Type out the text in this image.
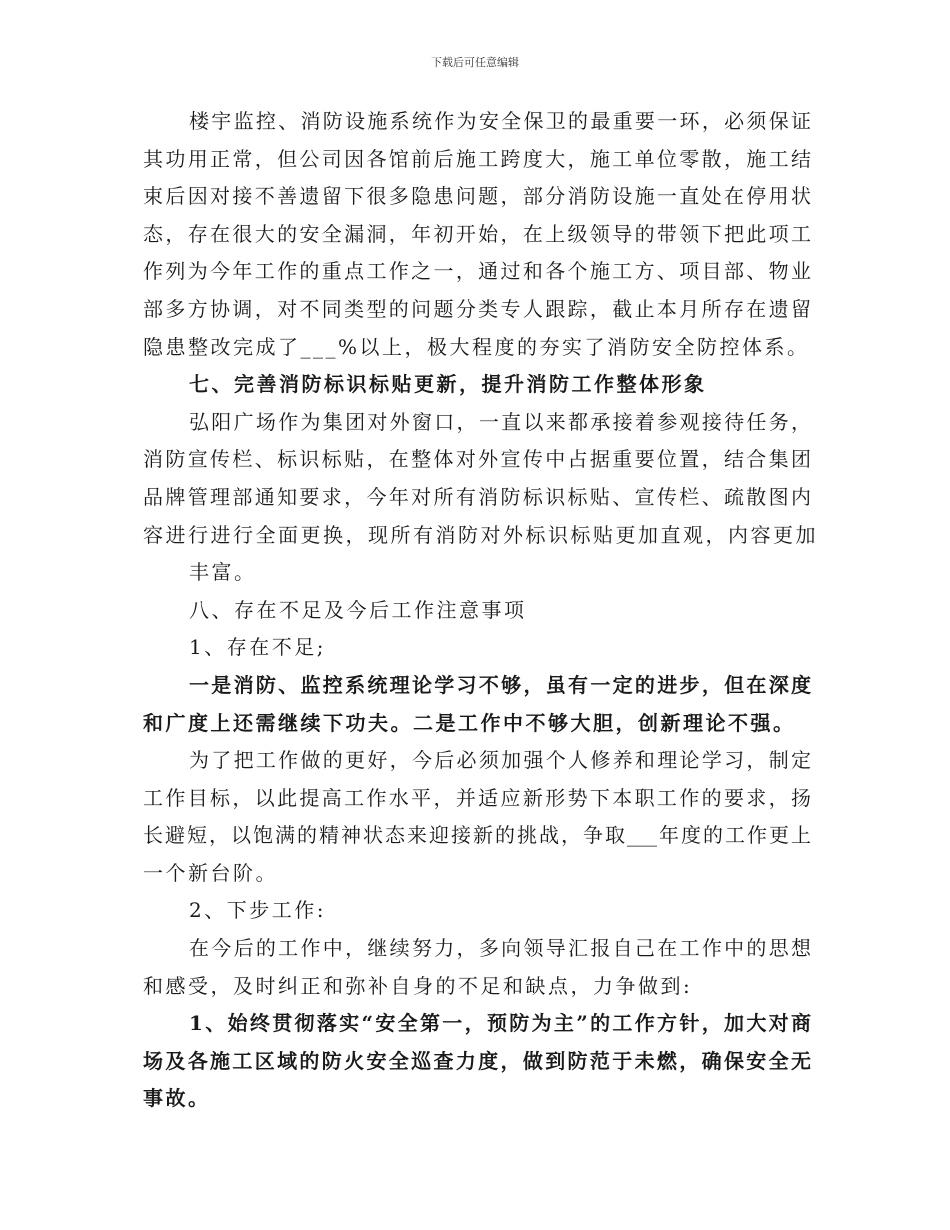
下载后可任意编辑
楼宇监控、消防设施系统作为安全保卫的最重要一环，必须保证
其功用正常，但公司因各馆前后施工跨度大，施工单位零散，施工结
束后因对接不善遗留下很多隐患问题，部分消防设施一直处在停用状
态，存在很大的安全漏洞，年初开始，在上级领导的带领下把此项工
作列为今年工作的重点工作之一，通过和各个施工方、项目部、物业
部多方协调，对不同类型的问题分类专人跟踪，截止本月所存在遗留
隐患整改完成了___%以上，极大程度的夯实了消防安全防控体系。
七、完善消防标识标贴更新，提升消防工作整体形象
弘阳广场作为集团对外窗口，一直以来都承接着参观接待任务，
消防宣传栏、标识标贴，在整体对外宣传中占据重要位置，结合集团
品牌管理部通知要求，今年对所有消防标识标贴、宣传栏、疏散图内
容进行进行全面更换，现所有消防对外标识标贴更加直观，内容更加
丰富。
八、存在不足及今后工作注意事项
1、存在不足;
一是消防、监控系统理论学习不够，虽有一定的进步，但在深度
和广度上还需继续下功夫。二是工作中不够大胆，创新理论不强。
为了把工作做的更好，今后必须加强个人修养和理论学习，制定
工作目标，以此提高工作水平，并适应新形势下本职工作的要求，扬
长避短，以饱满的精神状态来迎接新的挑战，争取___年度的工作更上
一个新台阶。
2、下步工作:
在今后的工作中，继续努力，多向领导汇报自己在工作中的思想
和感受，及时纠正和弥补自身的不足和缺点，力争做到:
1、始终贯彻落实“安全第一，预防为主”的工作方针，加大对商
场及各施工区域的防火安全巡查力度，做到防范于未燃，确保安全无
事故。
